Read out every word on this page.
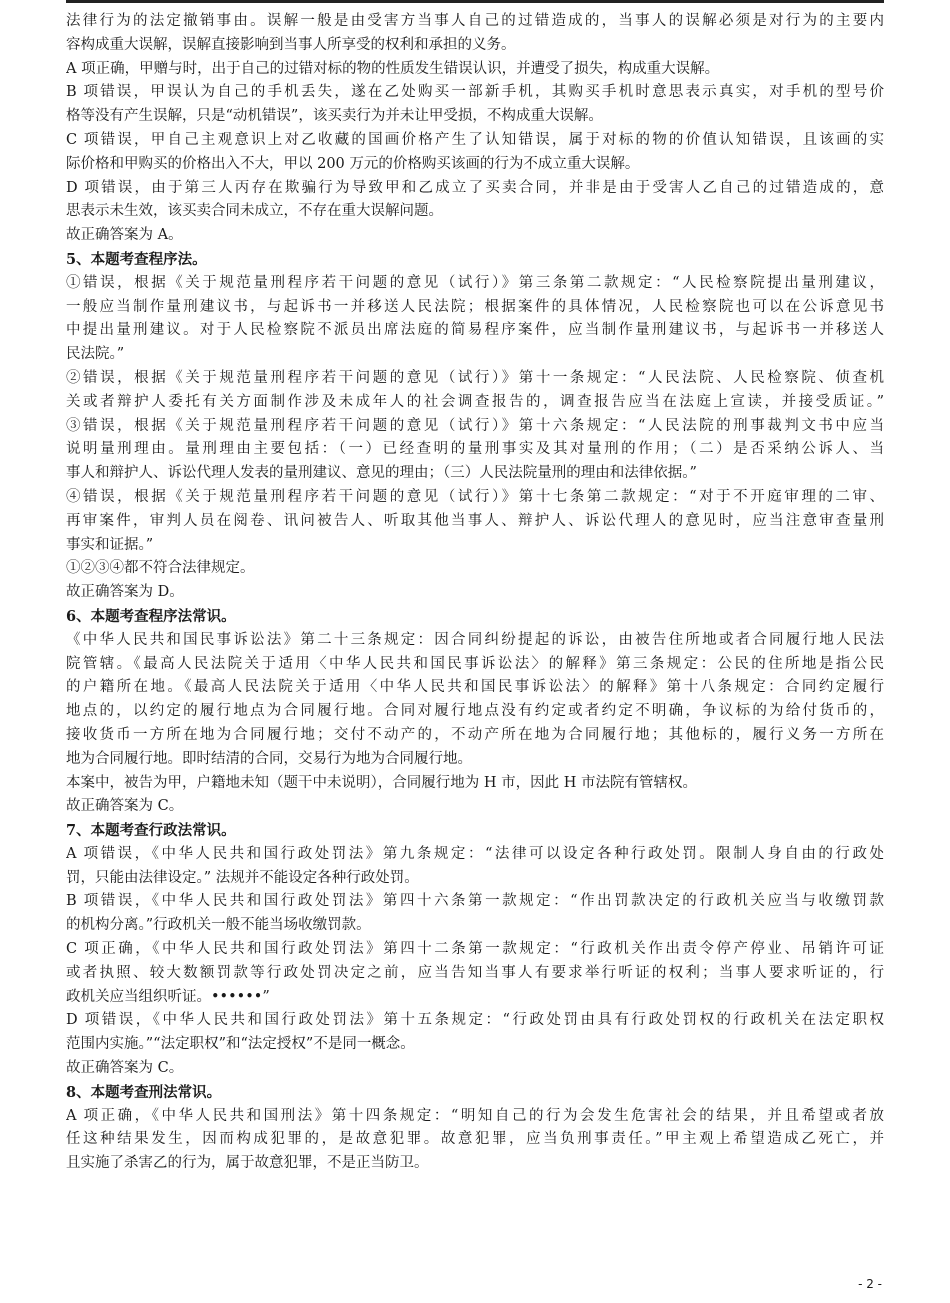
法律行为的法定撤销事由。误解一般是由受害方当事人自己的过错造成的，当事人的误解必须是对行为的主要内
容构成重大误解，误解直接影响到当事人所享受的权利和承担的义务。
A 项正确，甲赠与时，出于自己的过错对标的物的性质发生错误认识，并遭受了损失，构成重大误解。
B 项错误，甲误认为自己的手机丢失，遂在乙处购买一部新手机，其购买手机时意思表示真实，对手机的型号价
格等没有产生误解，只是“动机错误”，该买卖行为并未让甲受损，不构成重大误解。
C 项错误，甲自己主观意识上对乙收藏的国画价格产生了认知错误，属于对标的物的价值认知错误，且该画的实
际价格和甲购买的价格出入不大，甲以 200 万元的价格购买该画的行为不成立重大误解。
D 项错误，由于第三人丙存在欺骗行为导致甲和乙成立了买卖合同，并非是由于受害人乙自己的过错造成的，意
思表示未生效，该买卖合同未成立，不存在重大误解问题。
故正确答案为 A。
5、本题考查程序法。
①错误，根据《关于规范量刑程序若干问题的意见（试行）》第三条第二款规定：“人民检察院提出量刑建议，
一般应当制作量刑建议书，与起诉书一并移送人民法院；根据案件的具体情况，人民检察院也可以在公诉意见书
中提出量刑建议。对于人民检察院不派员出席法庭的简易程序案件，应当制作量刑建议书，与起诉书一并移送人
民法院。”
②错误，根据《关于规范量刑程序若干问题的意见（试行）》第十一条规定：“人民法院、人民检察院、侦查机
关或者辩护人委托有关方面制作涉及未成年人的社会调查报告的，调查报告应当在法庭上宣读，并接受质证。”
③错误，根据《关于规范量刑程序若干问题的意见（试行）》第十六条规定：“人民法院的刑事裁判文书中应当
说明量刑理由。量刑理由主要包括：（一）已经查明的量刑事实及其对量刑的作用；（二）是否采纳公诉人、当
事人和辩护人、诉讼代理人发表的量刑建议、意见的理由；（三）人民法院量刑的理由和法律依据。”
④错误，根据《关于规范量刑程序若干问题的意见（试行）》第十七条第二款规定：“对于不开庭审理的二审、
再审案件，审判人员在阅卷、讯问被告人、听取其他当事人、辩护人、诉讼代理人的意见时，应当注意审查量刑
事实和证据。”
①②③④都不符合法律规定。
故正确答案为 D。
6、本题考查程序法常识。
《中华人民共和国民事诉讼法》第二十三条规定：因合同纠纷提起的诉讼，由被告住所地或者合同履行地人民法
院管辖。《最高人民法院关于适用〈中华人民共和国民事诉讼法〉的解释》第三条规定：公民的住所地是指公民
的户籍所在地。《最高人民法院关于适用〈中华人民共和国民事诉讼法〉的解释》第十八条规定：合同约定履行
地点的，以约定的履行地点为合同履行地。合同对履行地点没有约定或者约定不明确，争议标的为给付货币的，
接收货币一方所在地为合同履行地；交付不动产的，不动产所在地为合同履行地；其他标的，履行义务一方所在
地为合同履行地。即时结清的合同，交易行为地为合同履行地。
本案中，被告为甲，户籍地未知（题干中未说明），合同履行地为 H 市，因此 H 市法院有管辖权。
故正确答案为 C。
7、本题考查行政法常识。
A 项错误，《中华人民共和国行政处罚法》第九条规定：“法律可以设定各种行政处罚。限制人身自由的行政处
罚，只能由法律设定。” 法规并不能设定各种行政处罚。
B 项错误，《中华人民共和国行政处罚法》第四十六条第一款规定：“作出罚款决定的行政机关应当与收缴罚款
的机构分离。”行政机关一般不能当场收缴罚款。
C 项正确，《中华人民共和国行政处罚法》第四十二条第一款规定：“行政机关作出责令停产停业、吊销许可证
或者执照、较大数额罚款等行政处罚决定之前，应当告知当事人有要求举行听证的权利；当事人要求听证的，行
政机关应当组织听证。••••••”
D 项错误，《中华人民共和国行政处罚法》第十五条规定：“行政处罚由具有行政处罚权的行政机关在法定职权
范围内实施。”“法定职权”和“法定授权”不是同一概念。
故正确答案为 C。
8、本题考查刑法常识。
A 项正确，《中华人民共和国刑法》第十四条规定：“明知自己的行为会发生危害社会的结果，并且希望或者放
任这种结果发生，因而构成犯罪的，是故意犯罪。故意犯罪，应当负刑事责任。”甲主观上希望造成乙死亡，并
且实施了杀害乙的行为，属于故意犯罪，不是正当防卫。
- 2 -
